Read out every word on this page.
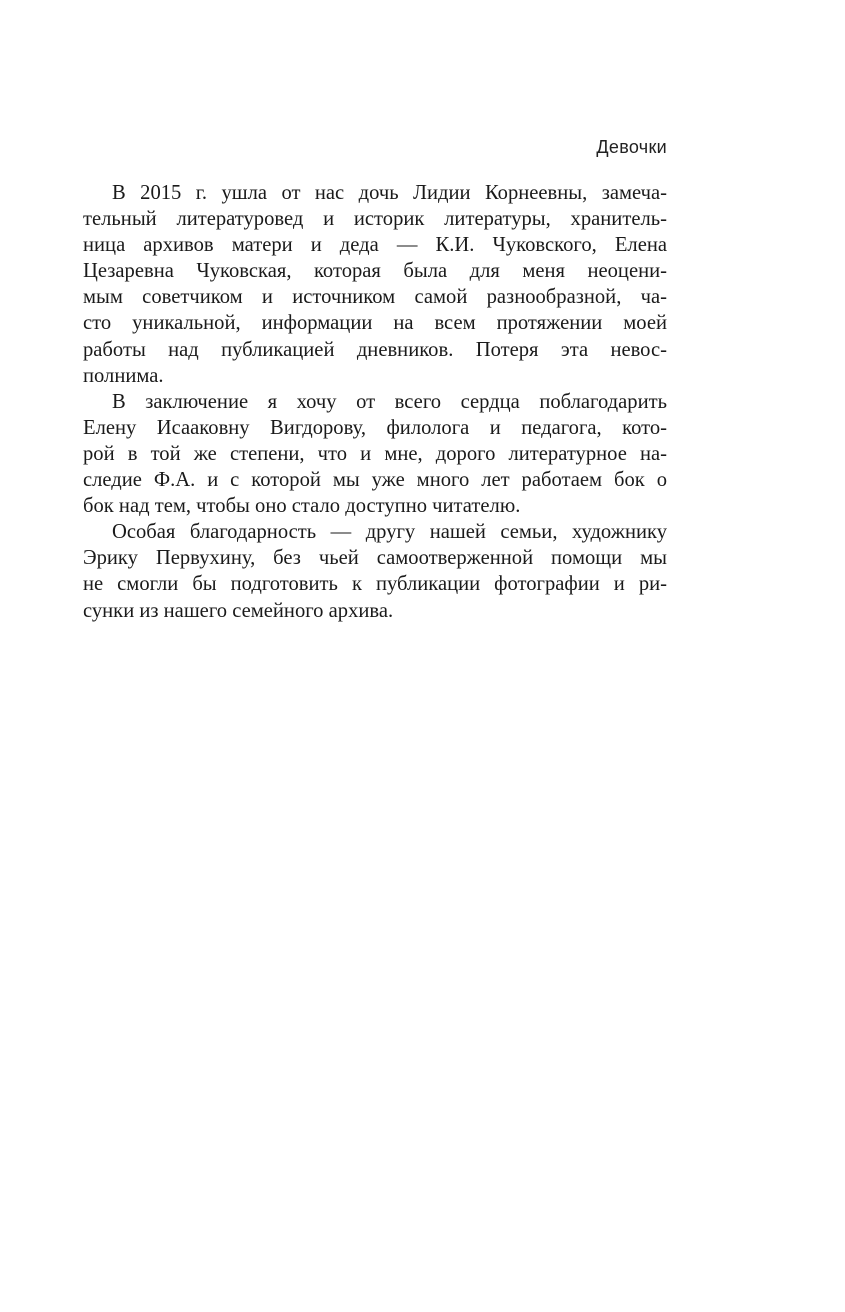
Девочки

В 2015 г. ушла от нас дочь Лидии Корнеевны, замеча-
тельный литературовед и историк литературы, хранитель-
ница архивов матери и деда — К.И. Чуковского, Елена
Цезаревна Чуковская, которая была для меня неоцени-
мым советчиком и источником самой разнообразной, ча-
сто уникальной, информации на всем протяжении моей
работы над публикацией дневников. Потеря эта невос-
полнима.

В заключение я хочу от всего сердца поблагодарить
Елену Исааковну Вигдорову, филолога и педагога, кото-
рой в той же степени, что и мне, дорого литературное на-
следие Ф.А. и с которой мы уже много лет работаем бок о
бок над тем, чтобы оно стало доступно читателю.

Особая благодарность — другу нашей семьи, художнику
Эрику Первухину, без чьей самоотверженной помощи мы
не смогли бы подготовить к публикации фотографии и ри-
сунки из нашего семейного архива.
